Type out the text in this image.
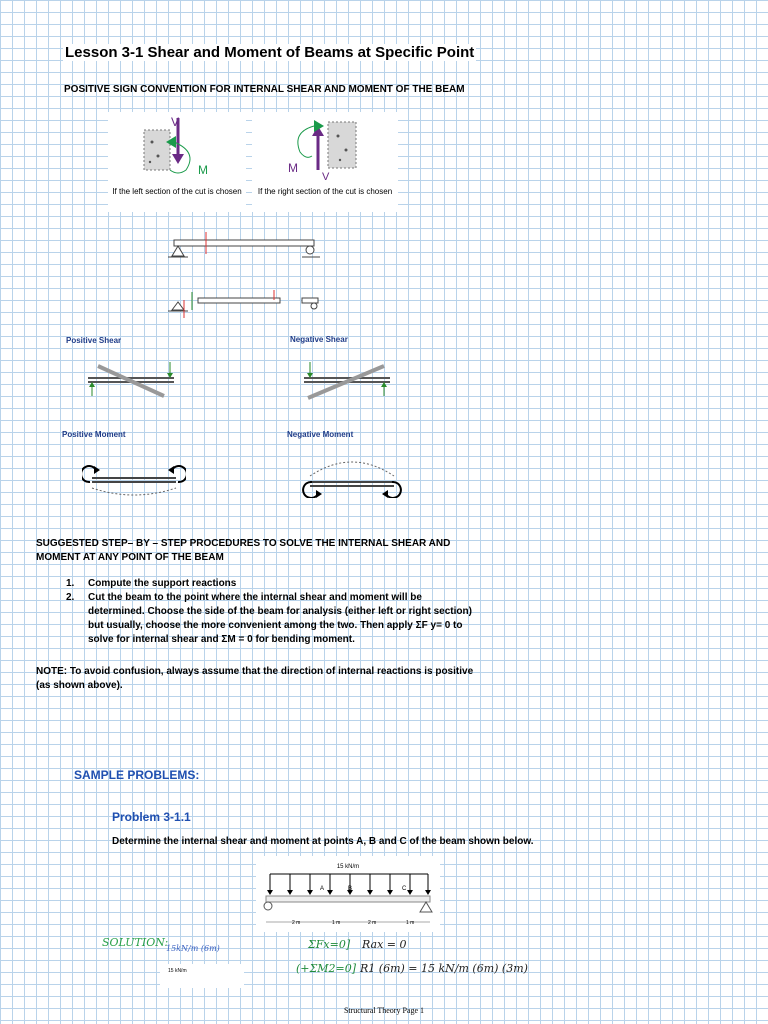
Lesson 3-1 Shear and Moment of Beams at Specific Point
POSITIVE SIGN CONVENTION FOR INTERNAL SHEAR AND MOMENT OF THE BEAM
V
M
If the left section of the cut is chosen
M
V
If the right section of the cut is chosen
Positive Shear	Negative Shear
Positive Moment	Negative Moment
SUGGESTED STEP– BY – STEP PROCEDURES TO SOLVE THE INTERNAL SHEAR AND MOMENT AT ANY POINT OF THE BEAM
1. Compute the support reactions
2. Cut the beam to the point where the internal shear and moment will be determined. Choose the side of the beam for analysis (either left or right section) but usually, choose the more convenient among the two. Then apply ΣF y= 0 to solve for internal shear and ΣM = 0 for bending moment.
NOTE: To avoid confusion, always assume that the direction of internal reactions is positive (as shown above).
SAMPLE PROBLEMS:
Problem 3-1.1
Determine the internal shear and moment at points A, B and C of the beam shown below.
15 kN/m
A	B	C
2 m	1 m	2 m	1 m
SOLUTION:
15kN/m (6m)
15 kN/m
ΣFx=0] Rax = 0
(+ΣM2=0] R1 (6m) = 15 kN/m (6m) (3m)
Structural Theory Page 1
